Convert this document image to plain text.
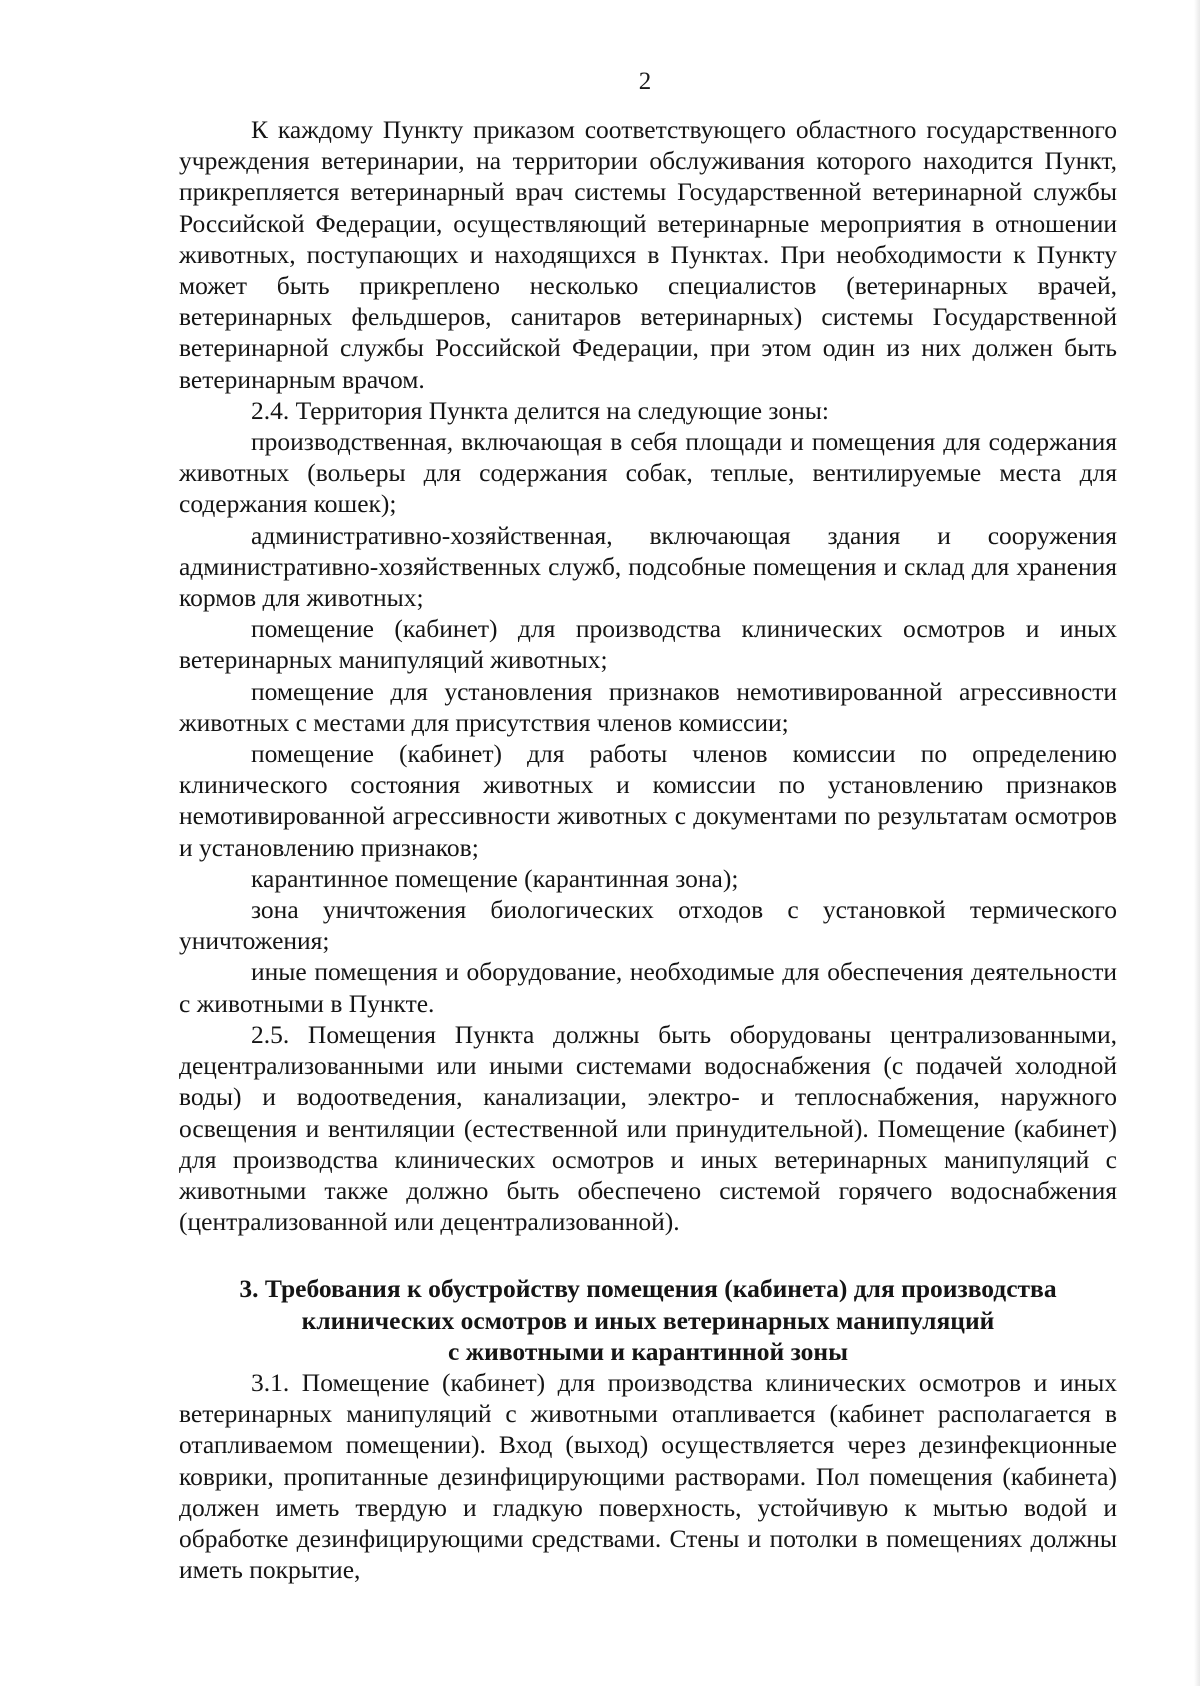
2

К каждому Пункту приказом соответствующего областного государственного учреждения ветеринарии, на территории обслуживания которого находится Пункт, прикрепляется ветеринарный врач системы Государственной ветеринарной службы Российской Федерации, осуществляющий ветеринарные мероприятия в отношении животных, поступающих и находящихся в Пунктах. При необходимости к Пункту может быть прикреплено несколько специалистов (ветеринарных врачей, ветеринарных фельдшеров, санитаров ветеринарных) системы Государственной ветеринарной службы Российской Федерации, при этом один из них должен быть ветеринарным врачом.

2.4. Территория Пункта делится на следующие зоны:

производственная, включающая в себя площади и помещения для содержания животных (вольеры для содержания собак, теплые, вентилируемые места для содержания кошек);

административно-хозяйственная, включающая здания и сооружения административно-хозяйственных служб, подсобные помещения и склад для хранения кормов для животных;

помещение (кабинет) для производства клинических осмотров и иных ветеринарных манипуляций животных;

помещение для установления признаков немотивированной агрессивности животных с местами для присутствия членов комиссии;

помещение (кабинет) для работы членов комиссии по определению клинического состояния животных и комиссии по установлению признаков немотивированной агрессивности животных с документами по результатам осмотров и установлению признаков;

карантинное помещение (карантинная зона);

зона уничтожения биологических отходов с установкой термического уничтожения;

иные помещения и оборудование, необходимые для обеспечения деятельности с животными в Пункте.

2.5. Помещения Пункта должны быть оборудованы централизованными, децентрализованными или иными системами водоснабжения (с подачей холодной воды) и водоотведения, канализации, электро- и теплоснабжения, наружного освещения и вентиляции (естественной или принудительной). Помещение (кабинет) для производства клинических осмотров и иных ветеринарных манипуляций с животными также должно быть обеспечено системой горячего водоснабжения (централизованной или децентрализованной).

3. Требования к обустройству помещения (кабинета) для производства
клинических осмотров и иных ветеринарных манипуляций
с животными и карантинной зоны

3.1. Помещение (кабинет) для производства клинических осмотров и иных ветеринарных манипуляций с животными отапливается (кабинет располагается в отапливаемом помещении). Вход (выход) осуществляется через дезинфекционные коврики, пропитанные дезинфицирующими растворами. Пол помещения (кабинета) должен иметь твердую и гладкую поверхность, устойчивую к мытью водой и обработке дезинфицирующими средствами. Стены и потолки в помещениях должны иметь покрытие,
